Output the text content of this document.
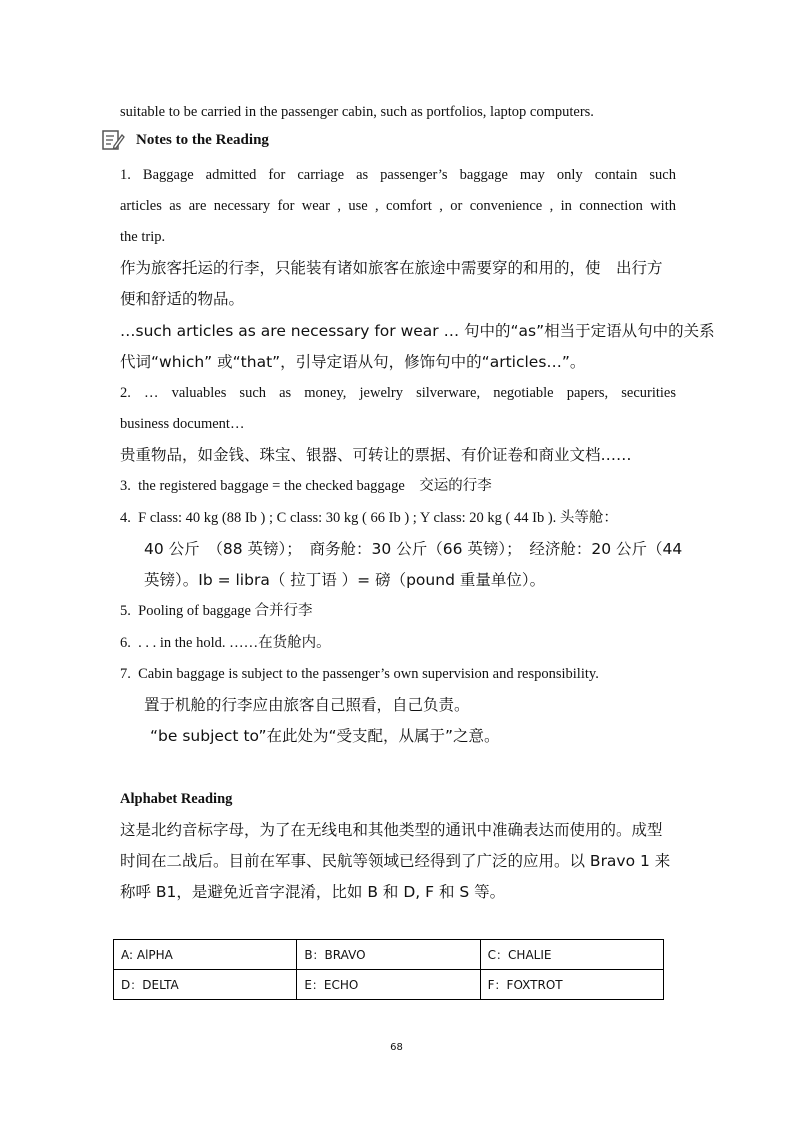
suitable to be carried in the passenger cabin, such as portfolios, laptop computers.
Notes to the Reading
1. Baggage admitted for carriage as passenger’s baggage may only contain such
articles as are necessary for wear , use , comfort , or convenience , in connection with
the trip.
作为旅客托运的行李，只能装有诸如旅客在旅途中需要穿的和用的，使　出行方
便和舒适的物品。
…such articles as are necessary for wear … 句中的“as”相当于定语从句中的关系
代词“which” 或“that”，引导定语从句，修饰句中的“articles…”。
2. … valuables such as money, jewelry silverware, negotiable papers, securities
business document…
贵重物品，如金钱、珠宝、银器、可转让的票据、有价证卷和商业文档……
3. the registered baggage = the checked baggage　交运的行李
4. F class: 40 kg (88 Ib ) ; C class: 30 kg ( 66 Ib ) ; Y class: 20 kg ( 44 Ib ). 头等舱：
40 公斤　（88 英镑）；　商务舱：30 公斤（66 英镑）；　经济舱：20 公斤（44
英镑）。Ib = libra（ 拉丁语 ）= 磅（pound 重量单位）。
5. Pooling of baggage 合并行李
6. . . . in the hold. ……在货舱内。
7. Cabin baggage is subject to the passenger’s own supervision and responsibility.
置于机舱的行李应由旅客自己照看，自己负责。
“be subject to”在此处为“受支配，从属于”之意。
Alphabet Reading
这是北约音标字母，为了在无线电和其他类型的通讯中准确表达而使用的。成型
时间在二战后。目前在军事、民航等领域已经得到了广泛的应用。以 Bravo 1 来
称呼 B1，是避免近音字混淆，比如 B 和 D, F 和 S 等。
A: AlPHA	B：BRAVO	C：CHALIE
D：DELTA	E：ECHO	F：FOXTROT
68
